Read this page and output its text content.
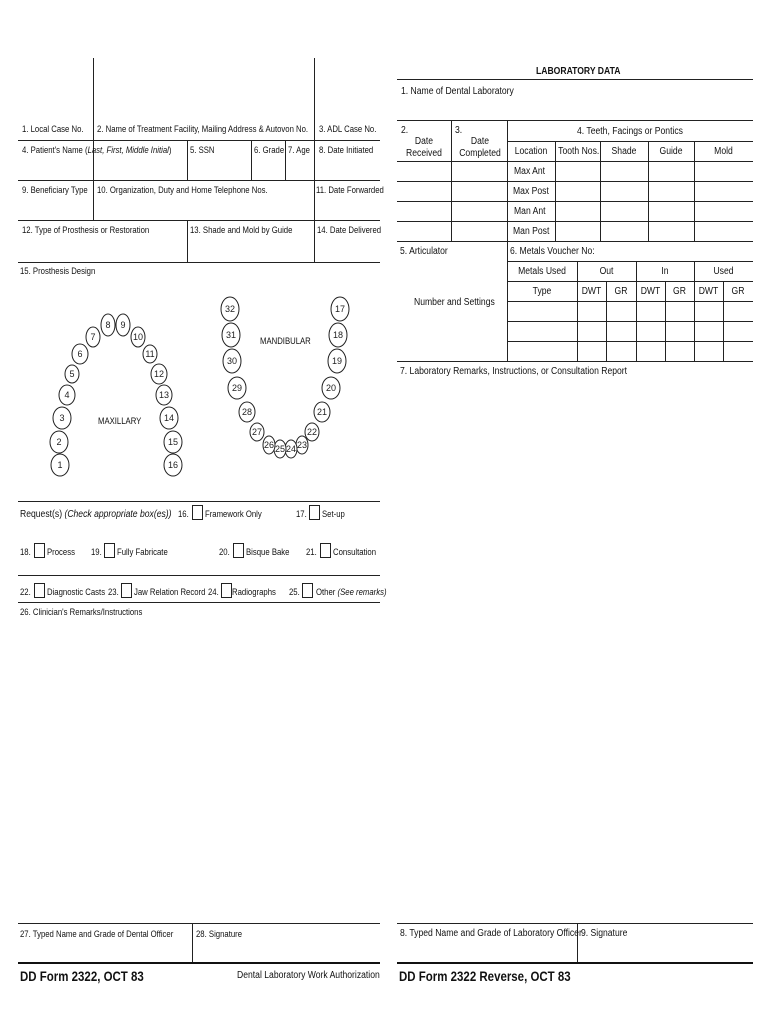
1. Local Case No. 2. Name of Treatment Facility, Mailing Address & Autovon No. 3. ADL Case No.
4. Patient's Name (Last, First, Middle Initial) 5. SSN	6. Grade 7. Age 8. Date Initiated
9. Beneficiary Type 10. Organization, Duty and Home Telephone Nos.	11. Date Forwarded
12. Type of Prosthesis or Restoration	13. Shade and Mold by Guide	14. Date Delivered
15. Prosthesis Design
1
2
3
4
5
6
7
8 9
10
11
12
13
14
15
16
MAXILLARY
17
18
19
20
21
22
23
24
25
26
27
28
29
30
31
32
MANDIBULAR
Request(s) (Check appropriate box(es)) 16. Framework Only	17. Set-up
18. Process 19. Fully Fabricate	20. Bisque Bake 21. Consultation
22. Diagnostic Casts 23. Jaw Relation Record 24. Radiographs 25. Other (See remarks)
26. Clinician's Remarks/Instructions
27. Typed Name and Grade of Dental Officer	28. Signature
DD Form 2322, OCT 83	Dental Laboratory Work Authorization
LABORATORY DATA
1. Name of Dental Laboratory
2.
Date
Received
3.
Date
Completed
4. Teeth, Facings or Pontics
Location	Tooth Nos.	Shade	Guide	Mold
Max Ant
Max Post
Man Ant
Man Post
5. Articulator	6. Metals Voucher No:
Number and Settings
Metals Used	Out	In	Used
Type	DWT	GR	DWT	GR	DWT	GR
7. Laboratory Remarks, Instructions, or Consultation Report
8. Typed Name and Grade of Laboratory Officer 9. Signature
DD Form 2322 Reverse, OCT 83
